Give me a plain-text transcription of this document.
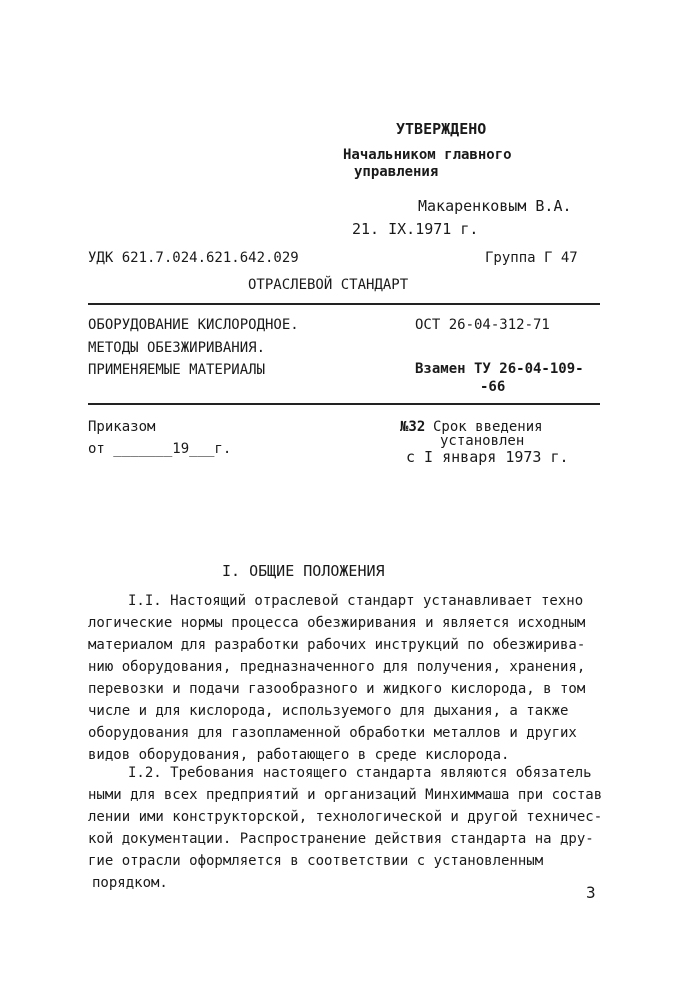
УТВЕРЖДЕНО
Начальником главного
управления
Макаренковым В.А.
21. IX.1971 г.
УДК 621.7.024.621.642.029	Группа Г 47
ОТРАСЛЕВОЙ СТАНДАРТ
ОБОРУДОВАНИЕ КИСЛОРОДНОЕ.
МЕТОДЫ ОБЕЗЖИРИВАНИЯ.
ПРИМЕНЯЕМЫЕ МАТЕРИАЛЫ
ОСТ 26-04-312-71
Взамен ТУ 26-04-109-
-66
Приказом
от _______19___г.
№32 Срок введения
установлен
с I января 1973 г.
I. ОБЩИЕ ПОЛОЖЕНИЯ
I.I. Настоящий отраслевой стандарт устанавливает техно
логические нормы процесса обезжиривания и является исходным
материалом для разработки рабочих инструкций по обезжирива-
нию оборудования, предназначенного для получения, хранения,
перевозки и подачи газообразного и жидкого кислорода, в том
числе и для кислорода, используемого для дыхания, а также
оборудования для газопламенной обработки металлов и других
видов оборудования, работающего в среде кислорода.
I.2. Требования настоящего стандарта являются обязатель
ными для всех предприятий и организаций Минхиммаша при состав
лении ими конструкторской, технологической и другой техничес-
кой документации. Распространение действия стандарта на дру-
гие отрасли оформляется в соответствии с установленным
порядком.	3
